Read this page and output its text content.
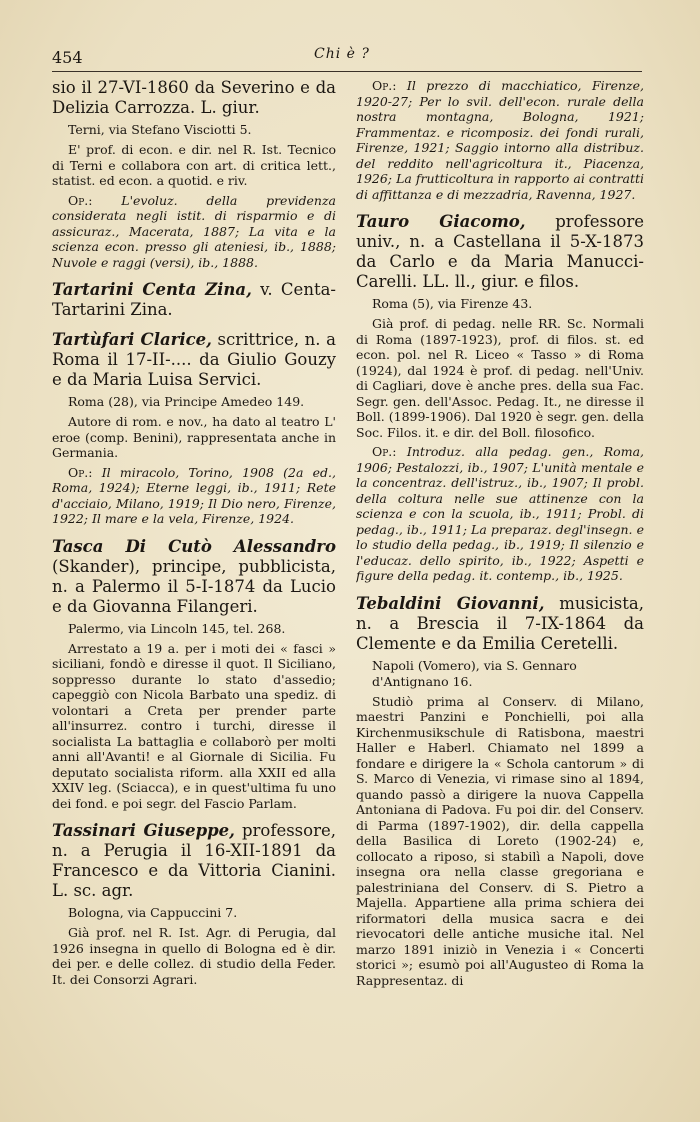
454	Chi è ?

sio il 27-VI-1860 da Severino e da Delizia Carrozza. L. giur.

Terni, via Stefano Visciotti 5.

E' prof. di econ. e dir. nel R. Ist. Tecnico di Terni e collabora con art. di critica lett., statist. ed econ. a quotid. e riv.

Op.: L'evoluz. della previdenza considerata negli istit. di risparmio e di assicuraz., Macerata, 1887; La vita e la scienza econ. presso gli ateniesi, ib., 1888; Nuvole e raggi (versi), ib., 1888.

Tartarini Centa Zina, v. Centa-Tartarini Zina.

Tartùfari Clarice, scrittrice, n. a Roma il 17-II-.... da Giulio Gouzy e da Maria Luisa Servici.

Roma (28), via Principe Amedeo 149.

Autore di rom. e nov., ha dato al teatro L' eroe (comp. Benini), rappresentata anche in Germania.

Op.: Il miracolo, Torino, 1908 (2a ed., Roma, 1924); Eterne leggi, ib., 1911; Rete d'acciaio, Milano, 1919; Il Dio nero, Firenze, 1922; Il mare e la vela, Firenze, 1924.

Tasca Di Cutò Alessandro (Skander), principe, pubblicista, n. a Palermo il 5-I-1874 da Lucio e da Giovanna Filangeri.

Palermo, via Lincoln 145, tel. 268.

Arrestato a 19 a. per i moti dei « fasci » siciliani, fondò e diresse il quot. Il Siciliano, soppresso durante lo stato d'assedio; capeggiò con Nicola Barbato una spediz. di volontari a Creta per prender parte all'insurrez. contro i turchi, diresse il socialista La battaglia e collaborò per molti anni all'Avanti! e al Giornale di Sicilia. Fu deputato socialista riform. alla XXII ed alla XXIV leg. (Sciacca), e in quest'ultima fu uno dei fond. e poi segr. del Fascio Parlam.

Tassinari Giuseppe, professore, n. a Perugia il 16-XII-1891 da Francesco e da Vittoria Cianini. L. sc. agr.

Bologna, via Cappuccini 7.

Già prof. nel R. Ist. Agr. di Perugia, dal 1926 insegna in quello di Bologna ed è dir. dei per. e delle collez. di studio della Feder. It. dei Consorzi Agrari.

Op.: Il prezzo di macchiatico, Firenze, 1920-27; Per lo svil. dell'econ. rurale della nostra montagna, Bologna, 1921; Frammentaz. e ricomposiz. dei fondi rurali, Firenze, 1921; Saggio intorno alla distribuz. del reddito nell'agricoltura it., Piacenza, 1926; La frutticoltura in rapporto ai contratti di affittanza e di mezzadria, Ravenna, 1927.

Tauro Giacomo, professore univ., n. a Castellana il 5-X-1873 da Carlo e da Maria Manucci-Carelli. LL. ll., giur. e filos.

Roma (5), via Firenze 43.

Già prof. di pedag. nelle RR. Sc. Normali di Roma (1897-1923), prof. di filos. st. ed econ. pol. nel R. Liceo « Tasso » di Roma (1924), dal 1924 è prof. di pedag. nell'Univ. di Cagliari, dove è anche pres. della sua Fac. Segr. gen. dell'Assoc. Pedag. It., ne diresse il Boll. (1899-1906). Dal 1920 è segr. gen. della Soc. Filos. it. e dir. del Boll. filosofico.

Op.: Introduz. alla pedag. gen., Roma, 1906; Pestalozzi, ib., 1907; L'unità mentale e la concentraz. dell'istruz., ib., 1907; Il probl. della coltura nelle sue attinenze con la scienza e con la scuola, ib., 1911; Probl. di pedag., ib., 1911; La preparaz. degl'insegn. e lo studio della pedag., ib., 1919; Il silenzio e l'educaz. dello spirito, ib., 1922; Aspetti e figure della pedag. it. contemp., ib., 1925.

Tebaldini Giovanni, musicista, n. a Brescia il 7-IX-1864 da Clemente e da Emilia Ceretelli.

Napoli (Vomero), via S. Gennaro d'Antignano 16.

Studiò prima al Conserv. di Milano, maestri Panzini e Ponchielli, poi alla Kirchenmusikschule di Ratisbona, maestri Haller e Haberl. Chiamato nel 1899 a fondare e dirigere la « Schola cantorum » di S. Marco di Venezia, vi rimase sino al 1894, quando passò a dirigere la nuova Cappella Antoniana di Padova. Fu poi dir. del Conserv. di Parma (1897-1902), dir. della cappella della Basilica di Loreto (1902-24) e, collocato a riposo, si stabilì a Napoli, dove insegna ora nella classe gregoriana e palestriniana del Conserv. di S. Pietro a Majella. Appartiene alla prima schiera dei riformatori della musica sacra e dei rievocatori delle antiche musiche ital. Nel marzo 1891 iniziò in Venezia i « Concerti storici »; esumò poi all'Augusteo di Roma la Rappresentaz. di
